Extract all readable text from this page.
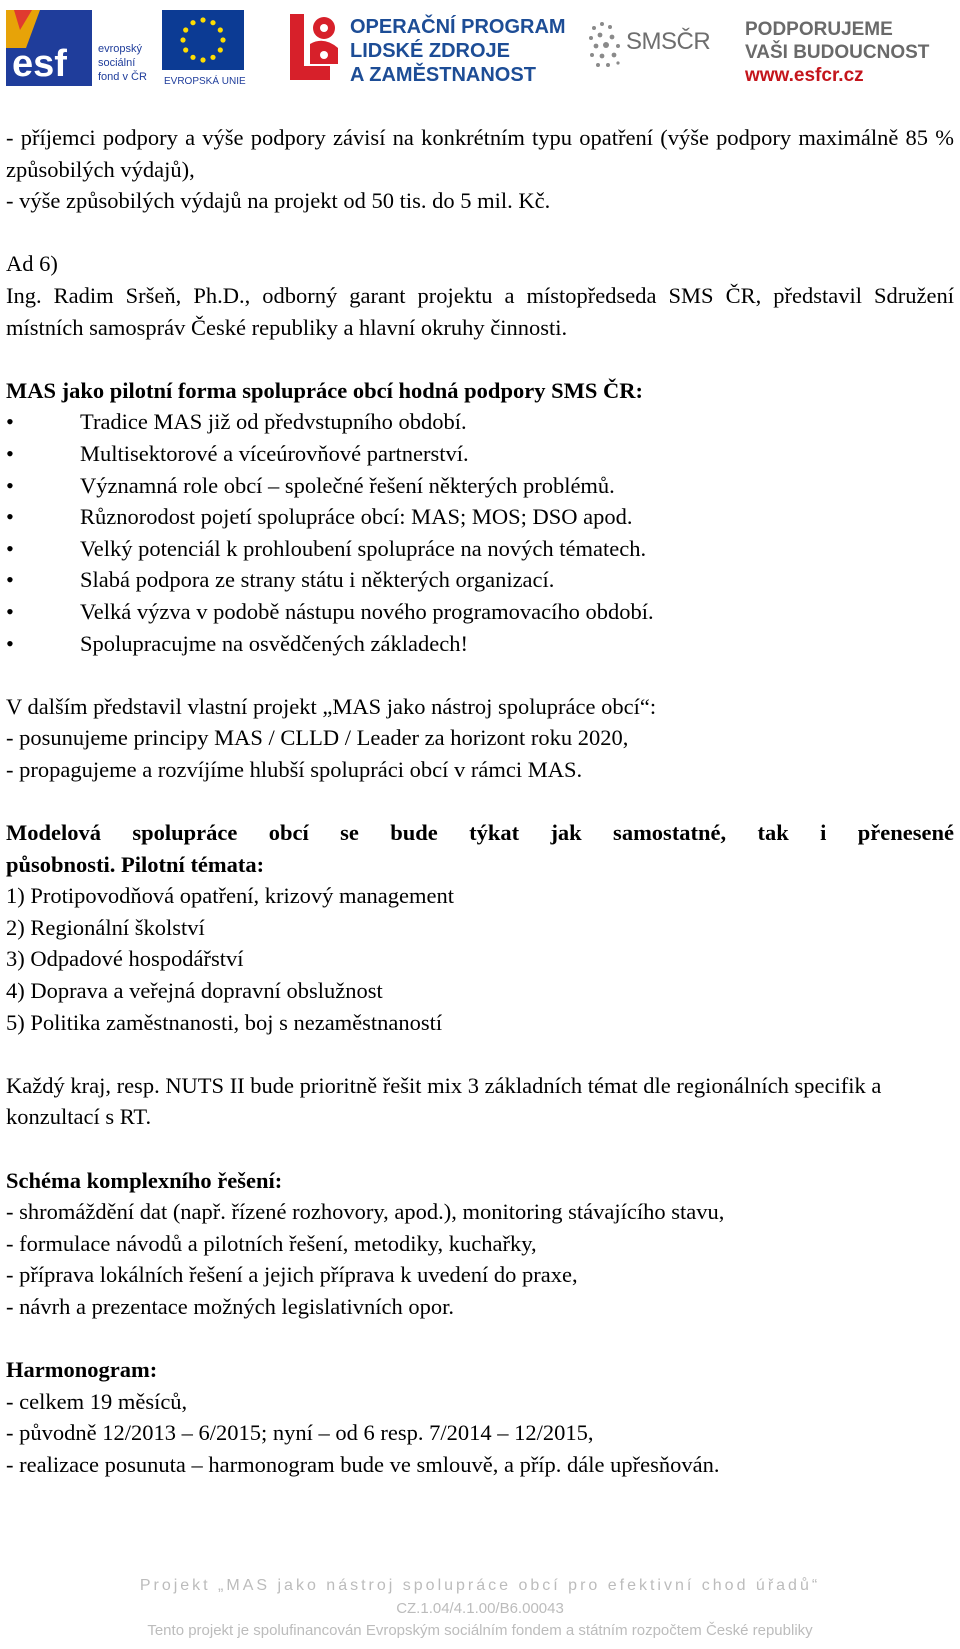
esf	evropský
sociální
fond v ČR EVROPSKÁ UNIE
OPERAČNÍ PROGRAM
LIDSKÉ ZDROJE
A ZAMĚSTNANOST
SMSČR PODPORUJEME
VAŠI BUDOUCNOST
www.esfcr.cz

- příjemci podpory a výše podpory závisí na konkrétním typu opatření (výše podpory maximálně 85 % způsobilých výdajů),

- výše způsobilých výdajů na projekt od 50 tis. do 5 mil. Kč.

Ad 6)

Ing. Radim Sršeň, Ph.D., odborný garant projektu a místopředseda SMS ČR, představil Sdružení místních samospráv České republiky a hlavní okruhy činnosti.

MAS jako pilotní forma spolupráce obcí hodná podpory SMS ČR:

•	Tradice MAS již od předvstupního období.
•	Multisektorové a víceúrovňové partnerství.
•	Významná role obcí – společné řešení některých problémů.
•	Různorodost pojetí spolupráce obcí: MAS; MOS; DSO apod.
•	Velký potenciál k prohloubení spolupráce na nových tématech.
•	Slabá podpora ze strany státu i některých organizací.
•	Velká výzva v podobě nástupu nového programovacího období.
•	Spolupracujme na osvědčených základech!

V dalším představil vlastní projekt „MAS jako nástroj spolupráce obcí“:

- posunujeme principy MAS / CLLD / Leader za horizont roku 2020,

- propagujeme a rozvíjíme hlubší spolupráci obcí v rámci MAS.

Modelová spolupráce obcí se bude týkat jak samostatné, tak i přenesené

působnosti. Pilotní témata:

1) Protipovodňová opatření, krizový management

2) Regionální školství

3) Odpadové hospodářství

4) Doprava a veřejná dopravní obslužnost

5) Politika zaměstnanosti, boj s nezaměstnaností

Každý kraj, resp. NUTS II bude prioritně řešit mix 3 základních témat dle regionálních specifik a konzultací s RT.

Schéma komplexního řešení:

- shromáždění dat (např. řízené rozhovory, apod.), monitoring stávajícího stavu,

- formulace návodů a pilotních řešení, metodiky, kuchařky,

- příprava lokálních řešení a jejich příprava k uvedení do praxe,

- návrh a prezentace možných legislativních opor.

Harmonogram:

- celkem 19 měsíců,

- původně 12/2013 – 6/2015; nyní – od 6 resp. 7/2014 – 12/2015,

- realizace posunuta – harmonogram bude ve smlouvě, a příp. dále upřesňován.

Projekt „MAS jako nástroj spolupráce obcí pro efektivní chod úřadů“
CZ.1.04/4.1.00/B6.00043
Tento projekt je spolufinancován Evropským sociálním fondem a státním rozpočtem České republiky
